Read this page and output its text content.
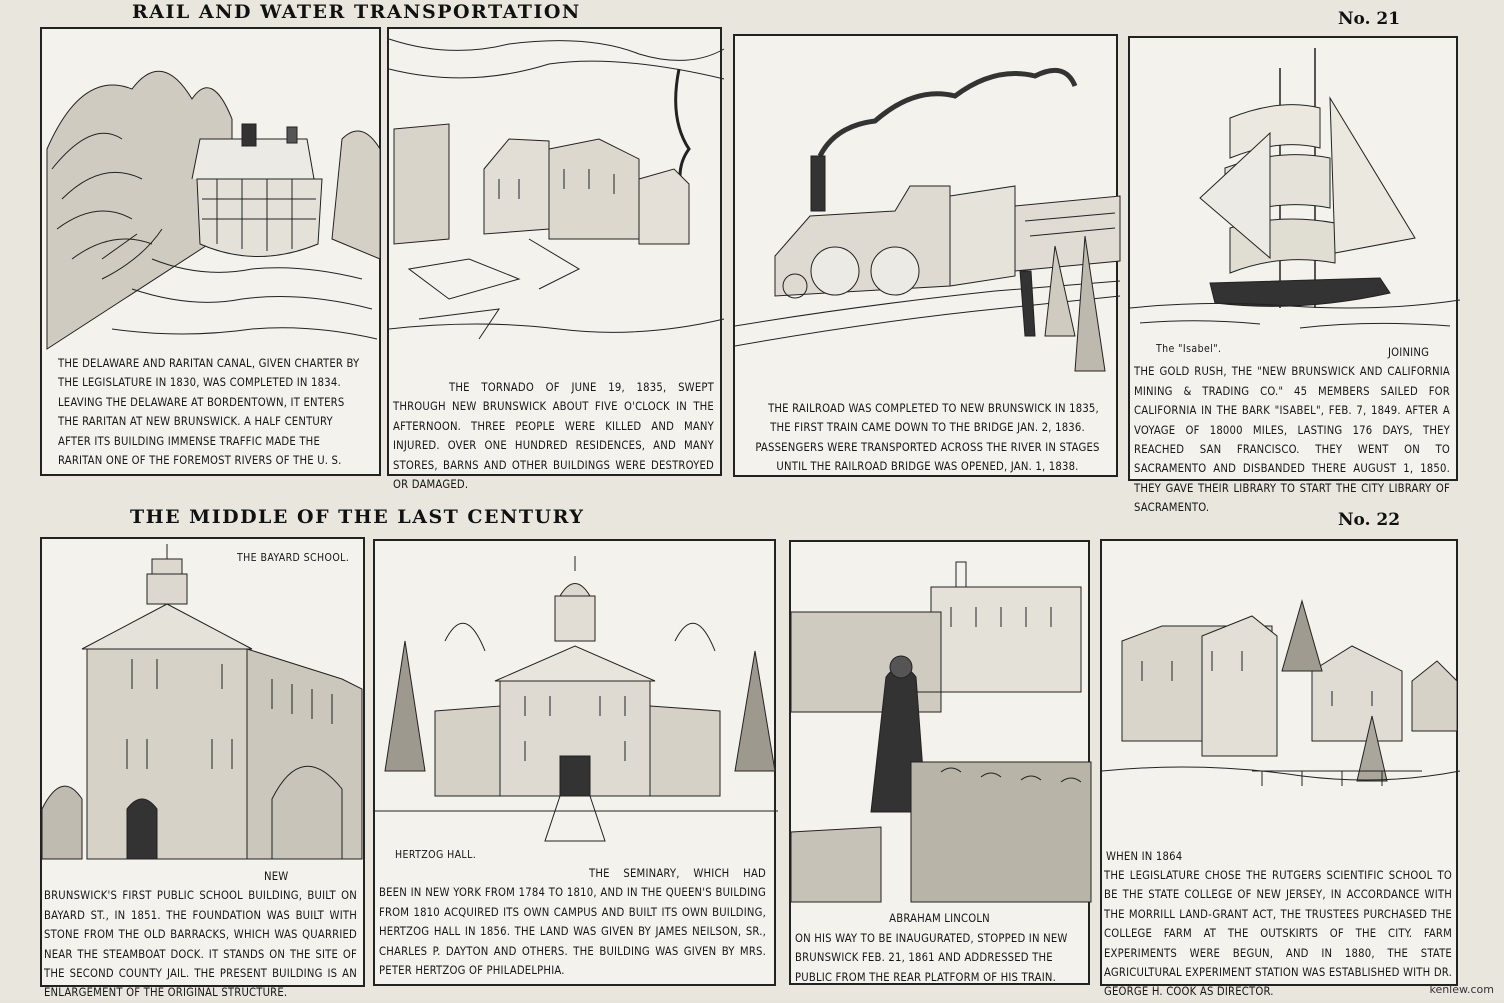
RAIL AND WATER TRANSPORTATION	No. 21
THE DELAWARE AND RARITAN CANAL, GIVEN CHARTER BY THE LEGISLATURE IN 1830, WAS COMPLETED IN 1834. LEAVING THE DELAWARE AT BORDENTOWN, IT ENTERS THE RARITAN AT NEW BRUNSWICK. A HALF CENTURY AFTER ITS BUILDING IMMENSE TRAFFIC MADE THE RARITAN ONE OF THE FOREMOST RIVERS OF THE U. S.
THE TORNADO OF JUNE 19, 1835, SWEPT THROUGH NEW BRUNSWICK ABOUT FIVE O'CLOCK IN THE AFTERNOON. THREE PEOPLE WERE KILLED AND MANY INJURED. OVER ONE HUNDRED RESIDENCES, AND MANY STORES, BARNS AND OTHER BUILDINGS WERE DESTROYED OR DAMAGED.
THE RAILROAD WAS COMPLETED TO NEW BRUNSWICK IN 1835, THE FIRST TRAIN CAME DOWN TO THE BRIDGE JAN. 2, 1836. PASSENGERS WERE TRANSPORTED ACROSS THE RIVER IN STAGES UNTIL THE RAILROAD BRIDGE WAS OPENED, JAN. 1, 1838.
The "Isabel".	JOINING THE GOLD RUSH, THE "NEW BRUNSWICK AND CALIFORNIA MINING & TRADING CO." 45 MEMBERS SAILED FOR CALIFORNIA IN THE BARK "ISABEL", FEB. 7, 1849. AFTER A VOYAGE OF 18000 MILES, LASTING 176 DAYS, THEY REACHED SAN FRANCISCO. THEY WENT ON TO SACRAMENTO AND DISBANDED THERE AUGUST 1, 1850. THEY GAVE THEIR LIBRARY TO START THE CITY LIBRARY OF SACRAMENTO.
THE MIDDLE OF THE LAST CENTURY	No. 22
THE BAYARD SCHOOL.
NEW BRUNSWICK'S FIRST PUBLIC SCHOOL BUILDING, BUILT ON BAYARD ST., IN 1851. THE FOUNDATION WAS BUILT WITH STONE FROM THE OLD BARRACKS, WHICH WAS QUARRIED NEAR THE STEAMBOAT DOCK. IT STANDS ON THE SITE OF THE SECOND COUNTY JAIL. THE PRESENT BUILDING IS AN ENLARGEMENT OF THE ORIGINAL STRUCTURE.
HERTZOG HALL.
THE SEMINARY, WHICH HAD BEEN IN NEW YORK FROM 1784 TO 1810, AND IN THE QUEEN'S BUILDING FROM 1810 ACQUIRED ITS OWN CAMPUS AND BUILT ITS OWN BUILDING, HERTZOG HALL IN 1856. THE LAND WAS GIVEN BY JAMES NEILSON, SR., CHARLES P. DAYTON AND OTHERS. THE BUILDING WAS GIVEN BY MRS. PETER HERTZOG OF PHILADELPHIA.
ABRAHAM LINCOLN
ON HIS WAY TO BE INAUGURATED, STOPPED IN NEW BRUNSWICK FEB. 21, 1861 AND ADDRESSED THE PUBLIC FROM THE REAR PLATFORM OF HIS TRAIN.
WHEN IN 1864
THE LEGISLATURE CHOSE THE RUTGERS SCIENTIFIC SCHOOL TO BE THE STATE COLLEGE OF NEW JERSEY, IN ACCORDANCE WITH THE MORRILL LAND-GRANT ACT, THE TRUSTEES PURCHASED THE COLLEGE FARM AT THE OUTSKIRTS OF THE CITY. FARM EXPERIMENTS WERE BEGUN, AND IN 1880, THE STATE AGRICULTURAL EXPERIMENT STATION WAS ESTABLISHED WITH DR. GEORGE H. COOK AS DIRECTOR.	kenlew.com
